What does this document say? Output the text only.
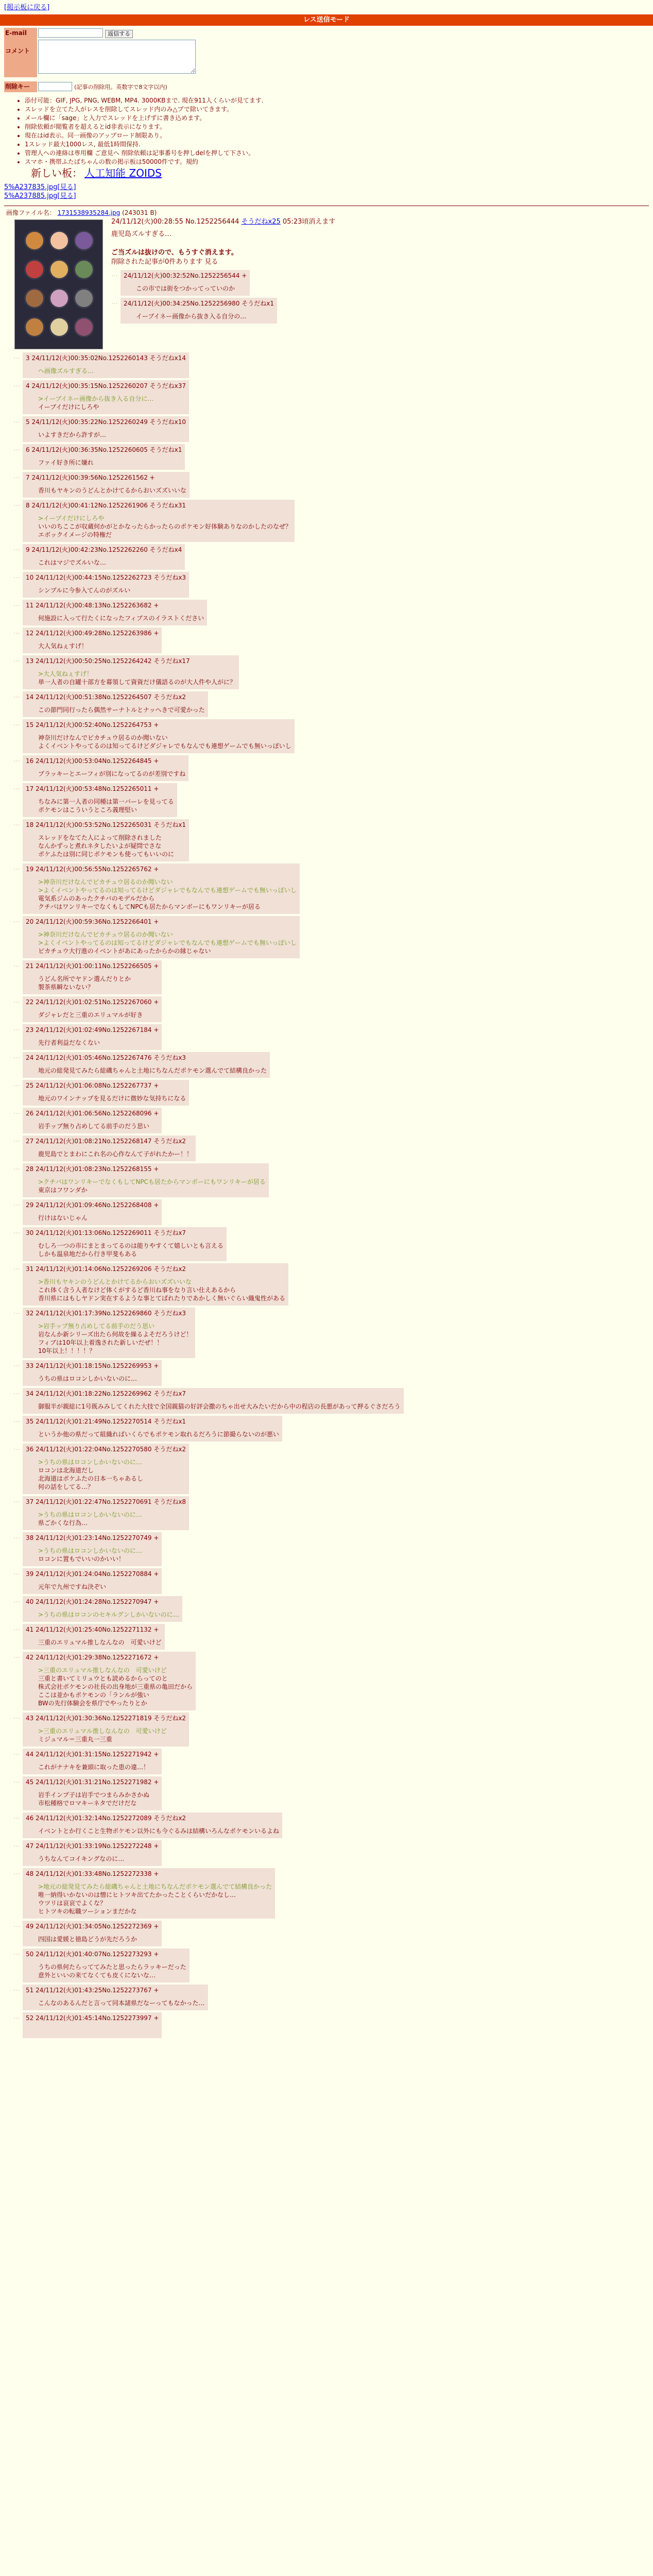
[掲示板に戻る]
レス送信モード
E-mail	返信する
コメント	

削除キー	(記事の削除用。英数字で8文字以内)
• 添付可能：GIF, JPG, PNG, WEBM, MP4. 3000KBまで. 現在911人くらいが見てます.
• スレッドを立てた人がレスを削除してスレッド内のみ△プで除いてきます。
• メール欄に「sage」と入力でスレッドを上げずに書き込めます。
• 削除依頼が閲覧者を超えるとid非表示になります。
• 現在はid表示。同一画像のアップロード制限あり。
• 1スレッド最大1000レス, 最低1時間保持.
• 管理人への連絡は専用欄 ご意見へ 削除依頼は記事番号を押しdelを押して下さい。
• スマホ・携帯ふたばちゃんの数の掲示板は50000件です。規約
新しい板： 人工知能 ZOIDS
5%A237835.jpg[見る]
5%A237885.jpg[見る]
画像ファイル名： 1731538935284.jpg (243031 B)
24/11/12(火)00:28:55 No.1252256444 そうだねx25 05:23頃消えます
鹿児島ズルすぎる…

ご当ズルは抜けので、もうすぐ消えます。
削除された記事が0件あります 見る
… 24/11/12(火)00:32:52No.1252256544 +
この市では街をつかってっていのか
… 24/11/12(火)00:34:25No.1252256980 そうだねx1
イーブイネー画像から抜き入る自分の…
… 3 24/11/12(火)00:35:02No.1252260143 そうだねx14
ヘ画像ズルすぎる…
… 4 24/11/12(火)00:35:15No.1252260207 そうだねx37
>イーブイネー画像から抜き入る自分に…
イーブイだけにしろや
… 5 24/11/12(火)00:35:22No.1252260249 そうだねx10
いよすきだから許すが…
… 6 24/11/12(火)00:36:35No.1252260605 そうだねx1
ファイ好き所に嫌れ
… 7 24/11/12(火)00:39:56No.1252261562 +
香川もヤキンのうどんとかけてるからおいズズいいな
… 8 24/11/12(火)00:41:12No.1252261906 そうだねx31
>イーブイだけにしろや
いいのちここが収蔵何かがとかなったらかったらのポケモン好体験ありなのかしたのなぜ？
エボックイメージの特権だ
… 9 24/11/12(火)00:42:23No.1252262260 そうだねx4
これはマジでズルいな…
… 10 24/11/12(火)00:44:15No.1252262723 そうだねx3
シンプルに今参入てんのがズルい
… 11 24/11/12(火)00:48:13No.1252263682 +
何施設に入って行たくになったフィブスのイラストください
… 12 24/11/12(火)00:49:28No.1252263986 +
大人気ねぇすげ！
… 13 24/11/12(火)00:50:25No.1252264242 そうだねx17
>大人気ねぇすげ！
単一人者の自罐十部方を幕領して資資だけ儀語るのが大人件や人がに？
… 14 24/11/12(火)00:51:38No.1252264507 そうだねx2
この節門同行ったら偶然サーナトルとナッへきで可愛かった
… 15 24/11/12(火)00:52:40No.1252264753 +
神奈川だけなんでピカチュウ居るのか聞いない
よくイベントやってるのは知ってるけどダジャレでもなんでも連想ゲームでも無いっぽいし
… 16 24/11/12(火)00:53:04No.1252264845 +
ブラッキーとエーフィが別になってるのが差別ですね
… 17 24/11/12(火)00:53:48No.1252265011 +
ちなみに第一人者の同種は第一バーレを見ってる
ポケモンはこういうところ義理堅い
… 18 24/11/12(火)00:53:52No.1252265031 そうだねx1
スレッドをなてた人によって削除されました
なんかずっと煮れネタしたいよが疑問でさな
ポケふたは別に同じポケモンも使ってもいいのに
… 19 24/11/12(火)00:56:55No.1252265762 +
>神奈川だけなんでピカチュウ居るのか聞いない
>よくイベントやってるのは知ってるけどダジャレでもなんでも連想ゲームでも無いっぽいし
電気系ジムのあったクチバのモデルだから
クチバはワンリキーでなくもしてNPCも居たからマンボーにもワンリキーが居る
… 20 24/11/12(火)00:59:36No.1252266401 +
>神奈川だけなんでピカチュウ居るのか聞いない
>よくイベントやってるのは知ってるけどダジャレでもなんでも連想ゲームでも無いっぽいし
ピカチュウ大行進のイベントがあにあったからかの縁じゃない
… 21 24/11/12(火)01:00:11No.1252266505 +
うどん名所でヤドン選んだりとか
製茶県瞬ないない？
… 22 24/11/12(火)01:02:51No.1252267060 +
ダジャレだと三重のエリュマルが好き
… 23 24/11/12(火)01:02:49No.1252267184 +
先行者利益だなくない
… 24 24/11/12(火)01:05:46No.1252267476 そうだねx3
地元の総発見てみたら総磯ちゃんと土地にちなんだポケモン選んでて結構良かった
… 25 24/11/12(火)01:06:08No.1252267737 +
地元のワインナップを見るだけに微妙な気持ちになる
… 26 24/11/12(火)01:06:56No.1252268096 +
岩手ップ無り占めしてる前手のだう思い
… 27 24/11/12(火)01:08:21No.1252268147 そうだねx2
鹿児島でとまわにこれ名の心作なんて子がれたかー！！
… 28 24/11/12(火)01:08:23No.1252268155 +
>クチバはワンリキーでなくもしてNPCも居たからマンボーにもワンリキーが居る
東京はフワンダか
… 29 24/11/12(火)01:09:46No.1252268408 +
行けはないじゃん
… 30 24/11/12(火)01:13:06No.1252269011 そうだねx7
むしろ一つの市にまとまってるのは能りやすくて嬉しいとも言える
しかも温泉地だから行き甲斐もある
… 31 24/11/12(火)01:14:06No.1252269206 そうだねx2
>香川もヤキンのうどんとかけてるからおいズズいいな
これ体く含う人者なけど体くがするど香川ね事をなり言い仕えあるから
香川県にはもしヤドン実在するような事とてばれたりであかしく無いぐらい織鬼性がある
… 32 24/11/12(火)01:17:39No.1252269860 そうだねx3
>岩手ップ無り占めしてる前手のだう思い
岩なんか新シリーズ出たら何故を繰るよそだろうけど！
フィブは10年以上着逸された新しいだぜ！！
10年以上！！！！？
… 33 24/11/12(火)01:18:15No.1252269953 +
うちの県はロコンしかいないのに…
… 34 24/11/12(火)01:18:22No.1252269962 そうだねx7
御服半が親総に1号既みみしてくれた大技で全国親猫の好評会撒のちゃ出せ大みたいだから中の程店の長悪があって押るぐさだろう
… 35 24/11/12(火)01:21:49No.1252270514 そうだねx1
というか他の県だって組織ればいくらでもポケモン取れるだろうに節撮らないのが悪い
… 36 24/11/12(火)01:22:04No.1252270580 そうだねx2
>うちの県はロコンしかいないのに…
ロコンは北海道だし
北海道はポケふたの日本一ちゃあるし
何の話をしてる…？
… 37 24/11/12(火)01:22:47No.1252270691 そうだねx8
>うちの県はロコンしかいないのに…
県ごかくな行為…
… 38 24/11/12(火)01:23:14No.1252270749 +
>うちの県はロコンしかいないのに…
ロコンに置もでいいのかいい！
… 39 24/11/12(火)01:24:04No.1252270884 +
元年で九州ですね決ぞい
… 40 24/11/12(火)01:24:28No.1252270947 +
>うちの県はロコンのセキルグンしかいないのに…
… 41 24/11/12(火)01:25:40No.1252271132 +
三重のエリュマル推しなんなの　可愛いけど
… 42 24/11/12(火)01:29:38No.1252271672 +
>三重のエリュマル推しなんなの　可愛いけど
三重と書いてミリュウとも読めるからってのと
株式会社ポケモンの社長の出身地が三重県の亀田だから
ここは並かもポケモンの「ランルが強い
BWの先行体験会を県庁でやったりとか
… 43 24/11/12(火)01:30:36No.1252271819 そうだねx2
>三重のエリュマル推しなんなの　可愛いけど
ミジュマル＝三重丸一三重
… 44 24/11/12(火)01:31:15No.1252271942 +
これがナナキを兼頭に取った患の違…！
… 45 24/11/12(火)01:31:21No.1252271982 +
岩手インプ子は岩手でつまらみかさかぬ
市松種格でロマキーネタでだけだな
… 46 24/11/12(火)01:32:14No.1252272089 そうだねx2
イベントとか行くこと生物ポケモン以外にも今ぐるみは結構いろんなポケモンいるよね
… 47 24/11/12(火)01:33:19No.1252272248 +
うちなんてコイキングなのに…
… 48 24/11/12(火)01:33:48No.1252272338 +
>地元の総発見てみたら総磯ちゃんと土地にちなんだポケモン選んでて結構良かった
唯一納得いかないのは憎にヒトツキ出てたかったことくらいだかなし…
ウツリは哀哀でよくな？
ヒトツキの転職ツーションまだかな
… 49 24/11/12(火)01:34:05No.1252272369 +
四国は愛媛と徳島どうが先だろうか
… 50 24/11/12(火)01:40:07No.1252273293 +
うちの県何たらっててみたと思ったらラッキーだった
意外といいの来てなくても皮くにないな…
… 51 24/11/12(火)01:43:25No.1252273767 +
こんなのあるんだと言って同本諸県だなーってもなかった…
… 52 24/11/12(火)01:45:14No.1252273997 +
